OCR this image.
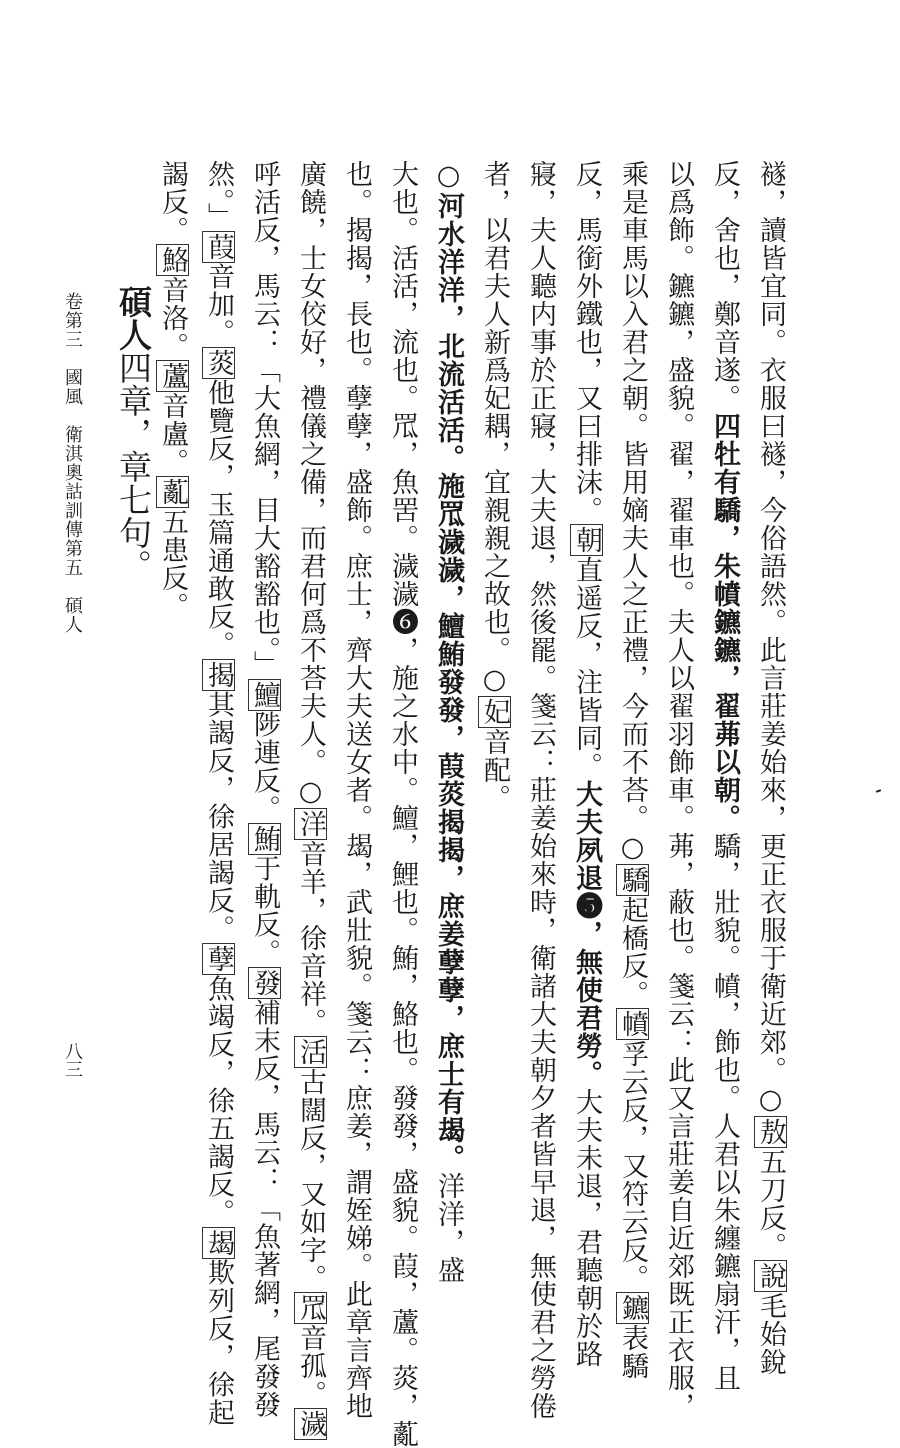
襚，讀皆宜同。衣服曰襚，今俗語然。此言莊姜始來，更正衣服于衛近郊。○敖五刀反。說毛始銳
反，舍也，鄭音遂。四牡有驕，朱幩鑣鑣，翟茀以朝。驕，壯貌。幩，飾也。人君以朱纏鑣扇汗，且
以爲飾。鑣鑣，盛貌。翟，翟車也。夫人以翟羽飾車。茀，蔽也。箋云：此又言莊姜自近郊既正衣服，
乘是車馬以入君之朝。皆用嫡夫人之正禮，今而不荅。○驕起橋反。幩孚云反，又符云反。鑣表驕
反，馬銜外鐵也，又曰排沫。朝直遥反，注皆同。大夫夙退❺，無使君勞。大夫未退，君聽朝於路
寢，夫人聽内事於正寢，大夫退，然後罷。箋云：莊姜始來時，衛諸大夫朝夕者皆早退，無使君之勞倦
者，以君夫人新爲妃耦，宜親親之故也。○妃音配。
○河水洋洋，北流活活。施罛濊濊，鱣鮪發發，葭菼揭揭，庶姜孽孽，庶士有朅。洋洋，盛
大也。活活，流也。罛，魚罟。濊濊❻，施之水中。鱣，鯉也。鮪，鮥也。發發，盛貌。葭，蘆。菼，薍
也。揭揭，長也。孽孽，盛飾。庶士，齊大夫送女者。朅，武壯貌。箋云：庶姜，謂姪娣。此章言齊地
廣饒，士女佼好，禮儀之備，而君何爲不荅夫人。○洋音羊，徐音祥。活古闊反，又如字。罛音孤。濊
呼活反，馬云：「大魚網，目大豁豁也。」鱣陟連反。鮪于軌反。發補末反，馬云：「魚著網，尾發發
然。」葭音加。菼他覽反，玉篇通敢反。揭其謁反，徐居謁反。孽魚竭反，徐五謁反。朅欺列反，徐起
謁反。鮥音洛。蘆音盧。薍五患反。
碩人四章，章七句。
卷第三　國風　衛淇奧詁訓傳第五　碩人
八三
